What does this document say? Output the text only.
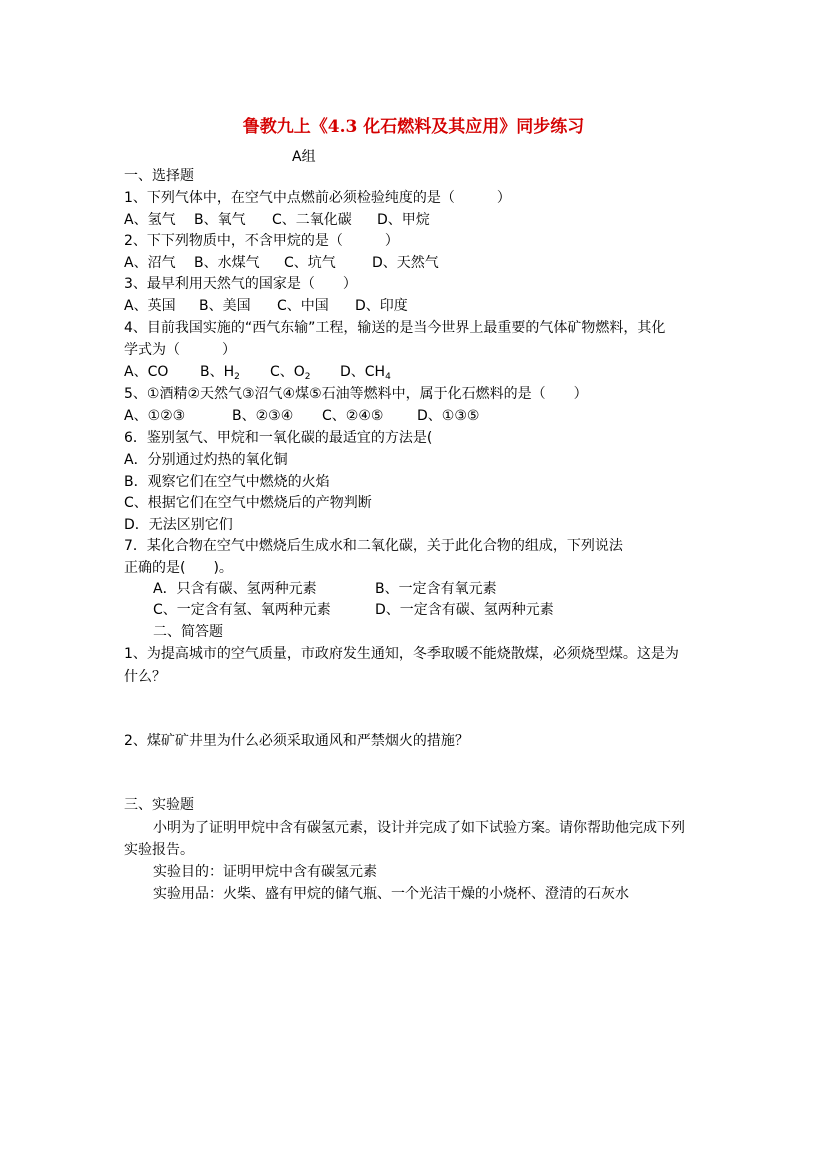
鲁教九上《4.3 化石燃料及其应用》同步练习
A组
一、选择题
1、下列气体中，在空气中点燃前必须检验纯度的是（　　　）
A、氢气 B、氧气 C、二氧化碳 D、甲烷
2、下下列物质中，不含甲烷的是（　　　）
A、沼气 B、水煤气 C、坑气	D、天然气
3、最早利用天然气的国家是（　　）
A、英国 B、美国 C、中国 D、印度
4、目前我国实施的“西气东输”工程，输送的是当今世界上最重要的气体矿物燃料，其化
学式为（　　　）
A、CO B、$H_2$ C、$O_2$ D、$CH_4$
5、①酒精②天然气③沼气④煤⑤石油等燃料中，属于化石燃料的是（　　）
A、①②③	B、②③④ C、②④⑤ D、①③⑤
6．鉴别氢气、甲烷和一氧化碳的最适宜的方法是(
A．分别通过灼热的氧化铜
B．观察它们在空气中燃烧的火焰
C、根据它们在空气中燃烧后的产物判断
D．无法区别它们
7．某化合物在空气中燃烧后生成水和二氧化碳，关于此化合物的组成，下列说法
正确的是(　　)。
A．只含有碳、氢两种元素	B、一定含有氧元素
C、一定含有氢、氧两种元素	D、一定含有碳、氢两种元素
二、简答题
1、为提高城市的空气质量，市政府发生通知，冬季取暖不能烧散煤，必须烧型煤。这是为
什么？
2、煤矿矿井里为什么必须采取通风和严禁烟火的措施？
三、实验题
小明为了证明甲烷中含有碳氢元素，设计并完成了如下试验方案。请你帮助他完成下列
实验报告。
实验目的：证明甲烷中含有碳氢元素
实验用品：火柴、盛有甲烷的储气瓶、一个光洁干燥的小烧杯、澄清的石灰水
